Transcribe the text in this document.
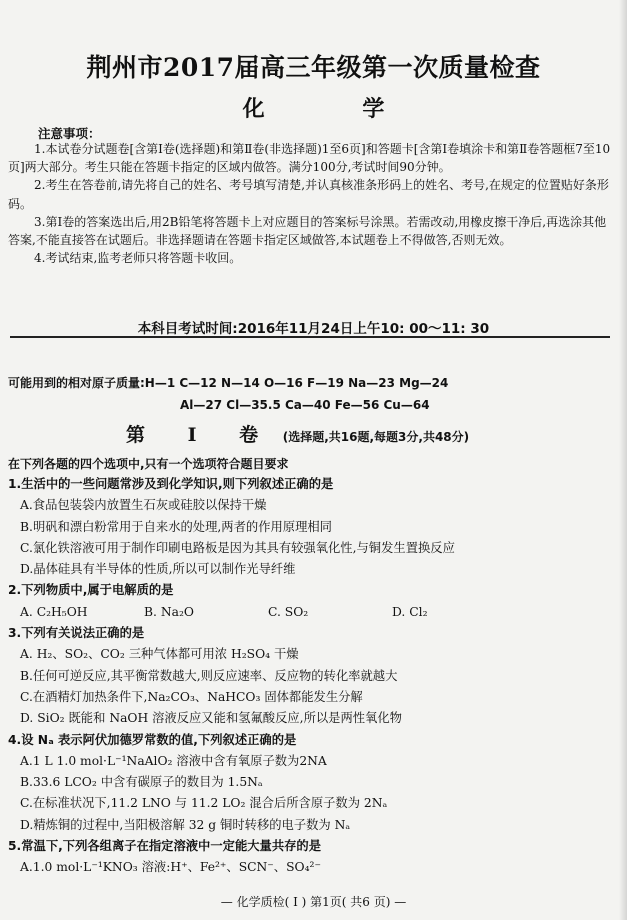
荆州市2017届高三年级第一次质量检查
化 学
注意事项：

1.本试卷分试题卷[含第Ⅰ卷(选择题)和第Ⅱ卷(非选择题)1至6页]和答题卡[含第Ⅰ卷填涂卡和第Ⅱ卷答题框7至10页]两大部分。考生只能在答题卡指定的区域内做答。满分100分,考试时间90分钟。

2.考生在答卷前,请先将自己的姓名、考号填写清楚,并认真核准条形码上的姓名、考号,在规定的位置贴好条形码。

3.第Ⅰ卷的答案选出后,用2B铅笔将答题卡上对应题目的答案标号涂黑。若需改动,用橡皮擦干净后,再选涂其他答案,不能直接答在试题后。非选择题请在答题卡指定区域做答,本试题卷上不得做答,否则无效。

4.考试结束,监考老师只将答题卡收回。

本科目考试时间:2016年11月24日上午10: 00～11: 30
可能用到的相对原子质量:H—1 C—12 N—14 O—16 F—19 Na—23 Mg—24
Al—27 Cl—35.5 Ca—40 Fe—56 Cu—64
第 Ⅰ 卷 (选择题,共16题,每题3分,共48分)
在下列各题的四个选项中,只有一个选项符合题目要求
1.生活中的一些问题常涉及到化学知识,则下列叙述正确的是
A.食品包装袋内放置生石灰或硅胶以保持干燥
B.明矾和漂白粉常用于自来水的处理,两者的作用原理相同
C.氯化铁溶液可用于制作印刷电路板是因为其具有较强氧化性,与铜发生置换反应
D.晶体硅具有半导体的性质,所以可以制作光导纤维
2.下列物质中,属于电解质的是
A. C₂H₅OH	B. Na₂O	C. SO₂	D. Cl₂
3.下列有关说法正确的是
A. H₂、SO₂、CO₂ 三种气体都可用浓 H₂SO₄ 干燥
B.任何可逆反应,其平衡常数越大,则反应速率、反应物的转化率就越大
C.在酒精灯加热条件下,Na₂CO₃、NaHCO₃ 固体都能发生分解
D. SiO₂ 既能和 NaOH 溶液反应又能和氢氟酸反应,所以是两性氧化物
4.设 Nₐ 表示阿伏加德罗常数的值,下列叙述正确的是
A.1 L 1.0 mol·L⁻¹NaAlO₂ 溶液中含有氧原子数为2NA
B.33.6 LCO₂ 中含有碳原子的数目为 1.5Nₐ
C.在标准状况下,11.2 LNO 与 11.2 LO₂ 混合后所含原子数为 2Nₐ
D.精炼铜的过程中,当阳极溶解 32 g 铜时转移的电子数为 Nₐ
5.常温下,下列各组离子在指定溶液中一定能大量共存的是
A.1.0 mol·L⁻¹KNO₃ 溶液:H⁺、Fe²⁺、SCN⁻、SO₄²⁻
— 化学质检( Ⅰ ) 第1页( 共6 页) —
